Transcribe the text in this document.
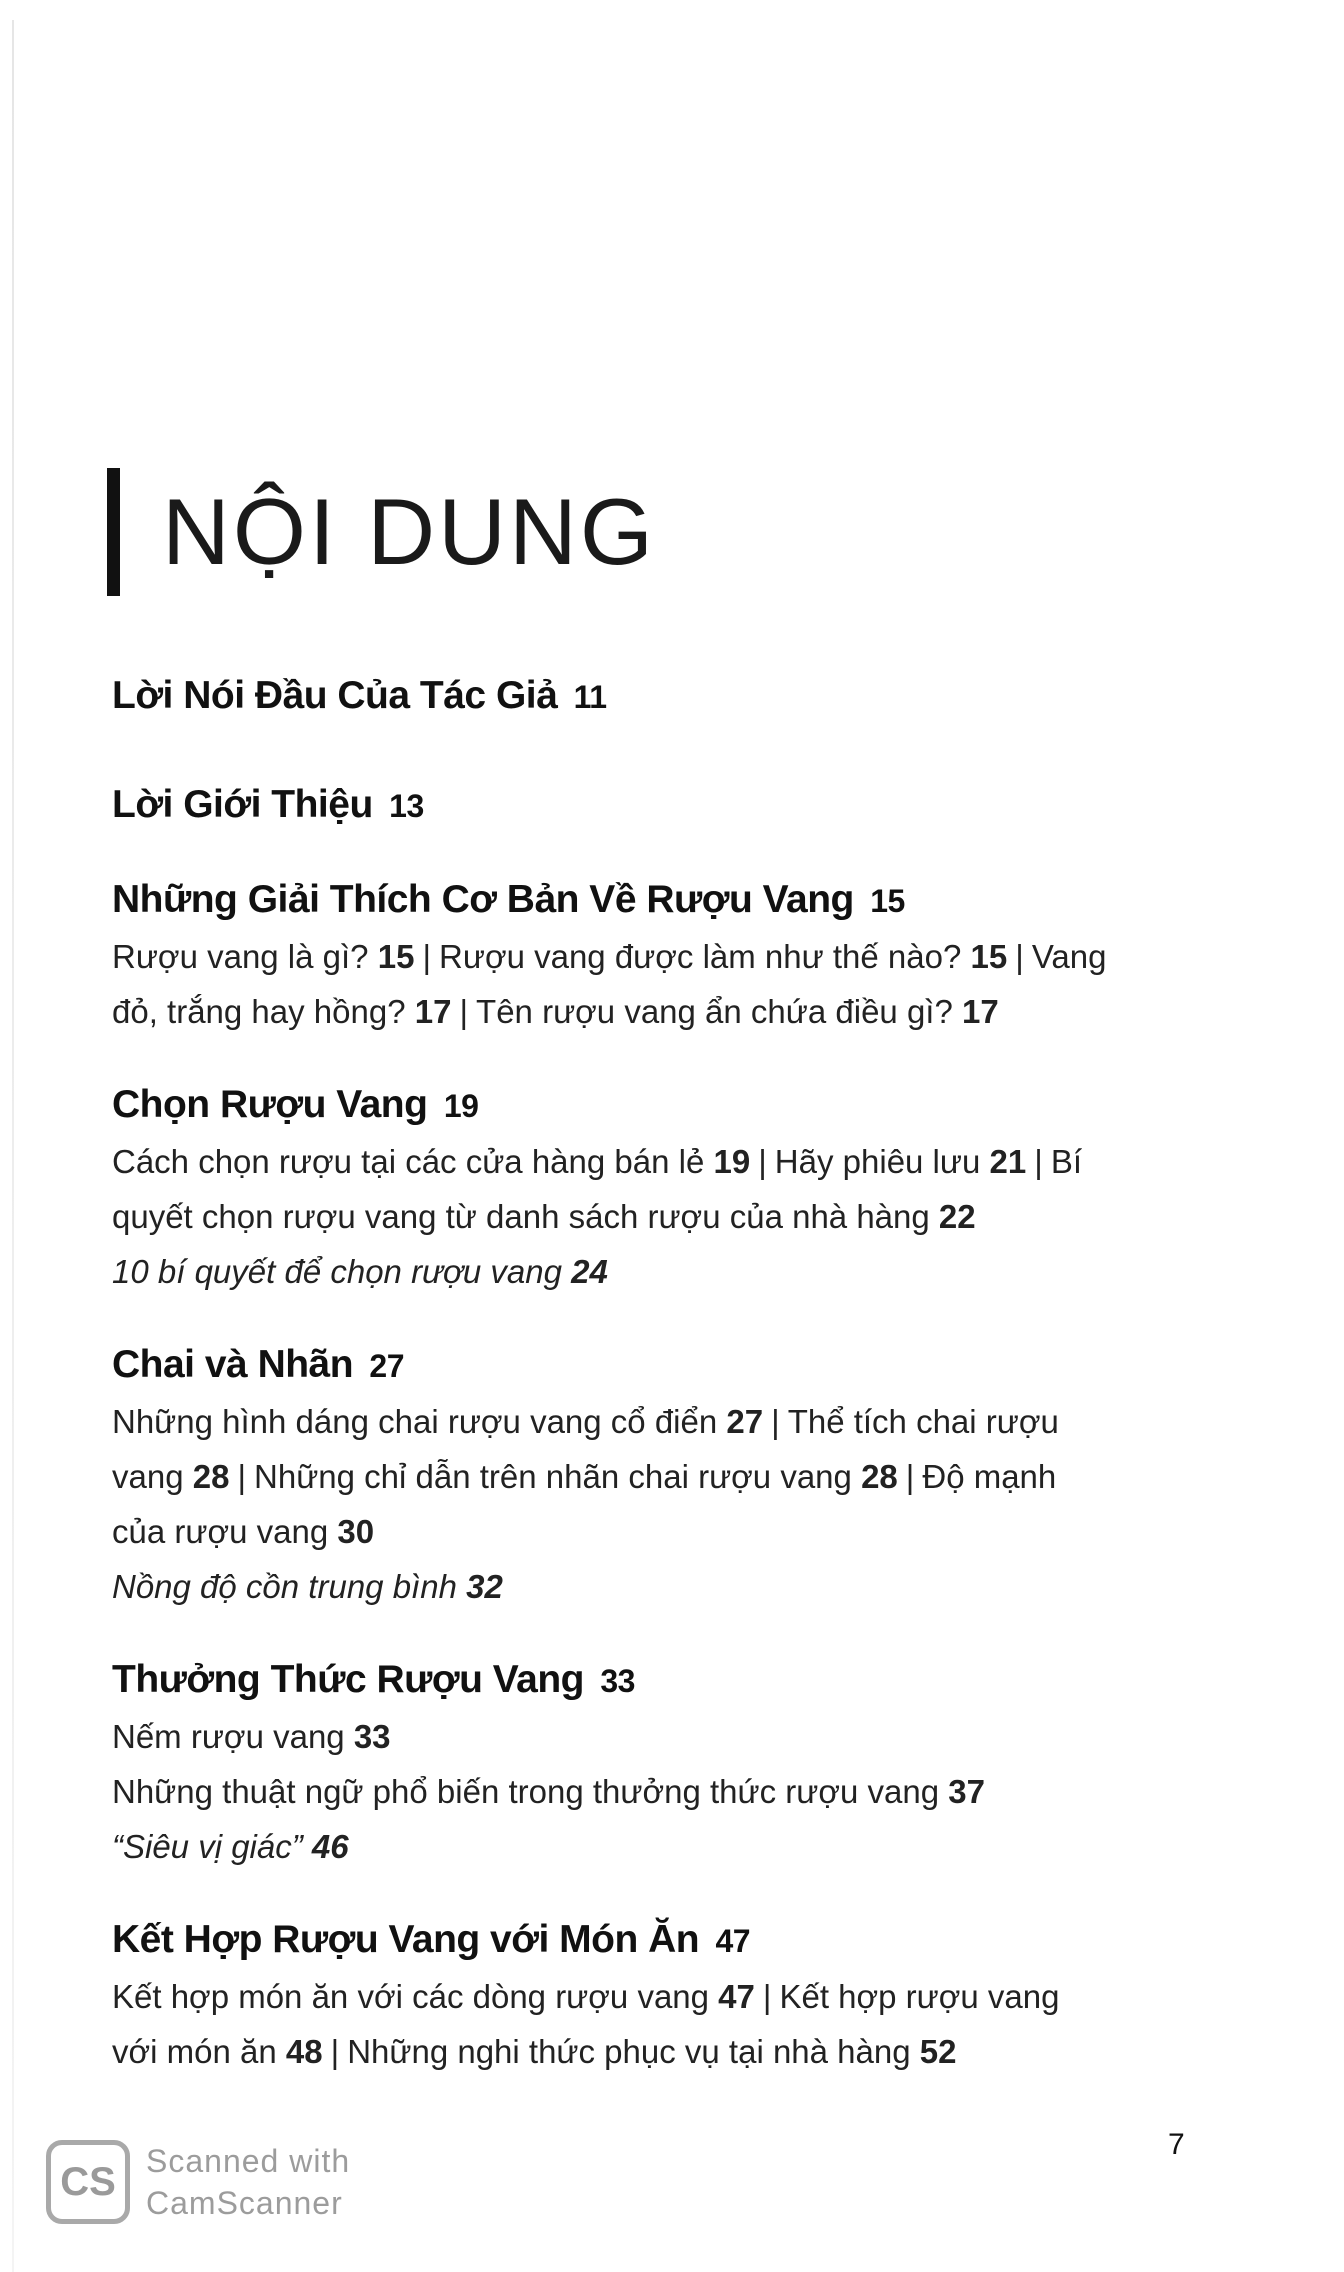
NỘI DUNG
Lời Nói Đầu Của Tác Giả 11
Lời Giới Thiệu 13
Những Giải Thích Cơ Bản Về Rượu Vang 15
Rượu vang là gì? 15 | Rượu vang được làm như thế nào? 15 | Vang
đỏ, trắng hay hồng? 17 | Tên rượu vang ẩn chứa điều gì? 17
Chọn Rượu Vang 19
Cách chọn rượu tại các cửa hàng bán lẻ 19 | Hãy phiêu lưu 21 | Bí
quyết chọn rượu vang từ danh sách rượu của nhà hàng 22
10 bí quyết để chọn rượu vang 24
Chai và Nhãn 27
Những hình dáng chai rượu vang cổ điển 27 | Thể tích chai rượu
vang 28 | Những chỉ dẫn trên nhãn chai rượu vang 28 | Độ mạnh
của rượu vang 30
Nồng độ cồn trung bình 32
Thưởng Thức Rượu Vang 33
Nếm rượu vang 33
Những thuật ngữ phổ biến trong thưởng thức rượu vang 37
“Siêu vị giác” 46
Kết Hợp Rượu Vang với Món Ăn 47
Kết hợp món ăn với các dòng rượu vang 47 | Kết hợp rượu vang
với món ăn 48 | Những nghi thức phục vụ tại nhà hàng 52
7
CS Scanned with
CamScanner
